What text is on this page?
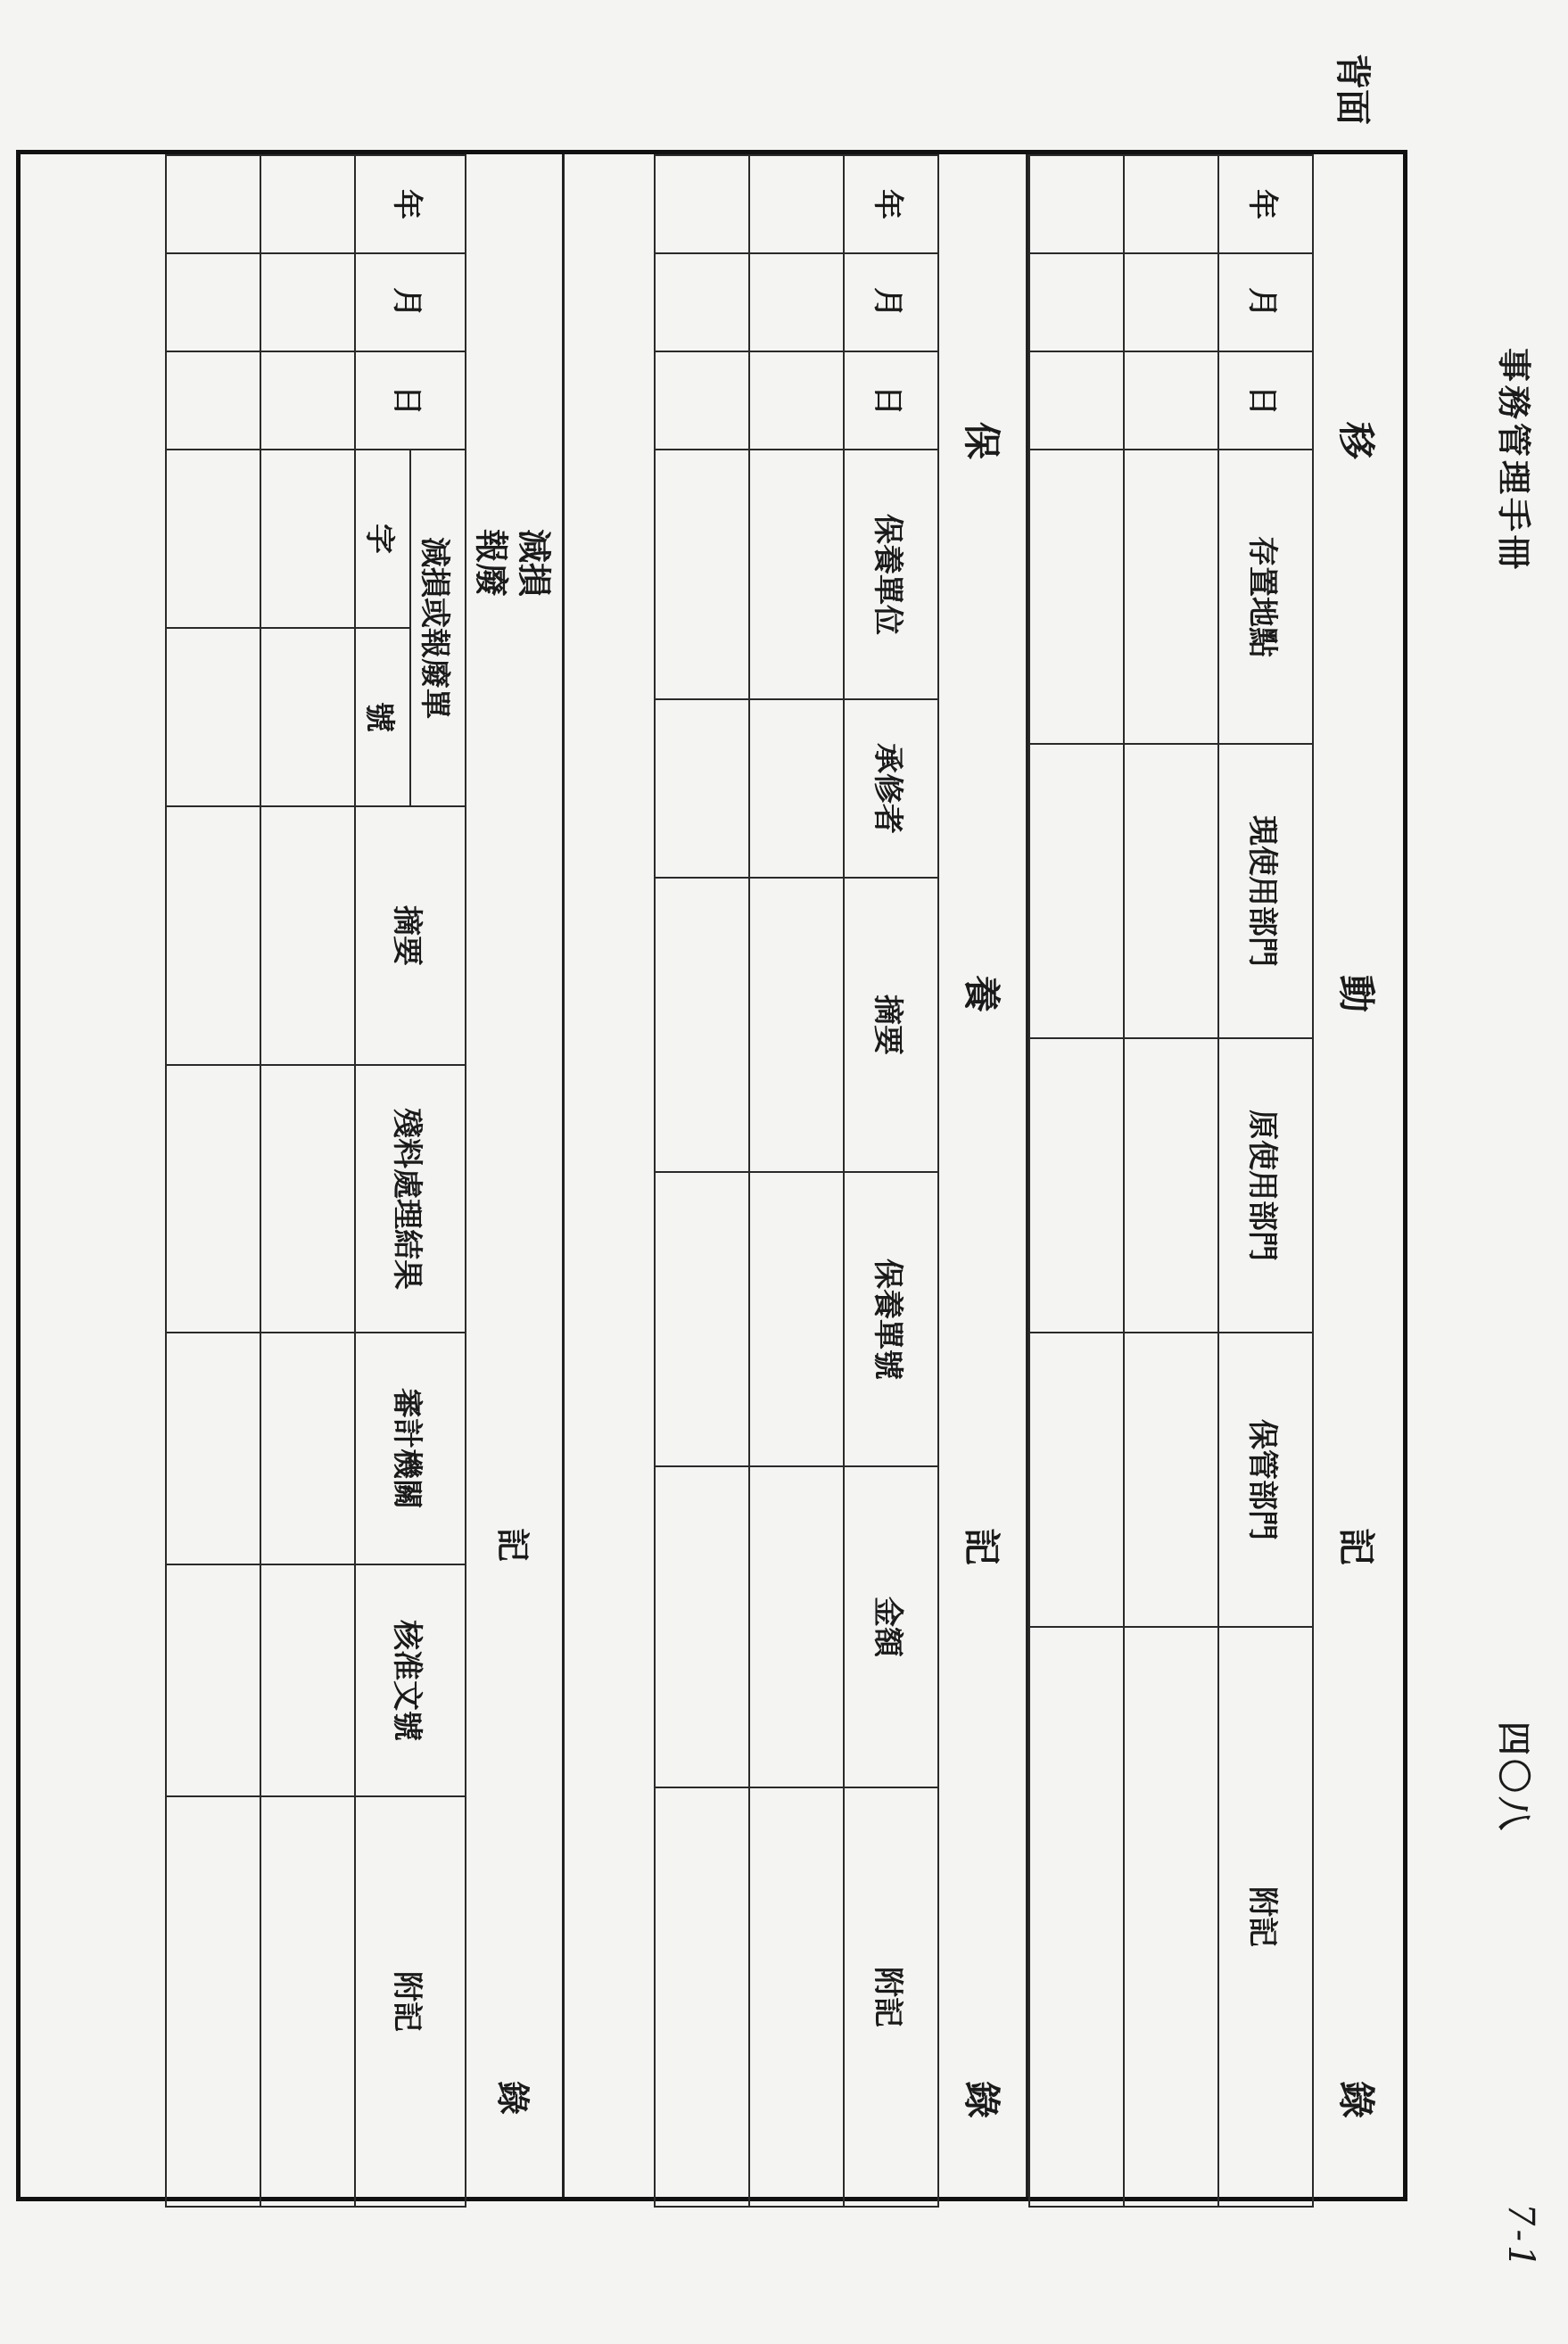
事務管理手冊
四〇八
7-1
背面
移
動
記
錄
年	月	日	存置地點	現使用部門	原使用部門	保管部門	附記

保
養
記
錄
年	月	日	保養單位	承修者	摘要	保養單號	金額	附記

減損
報廢
記
錄
年	月	日	減損或報廢單		摘要	殘料處理結果	審計機關	核准文號	附記
			字	號					
